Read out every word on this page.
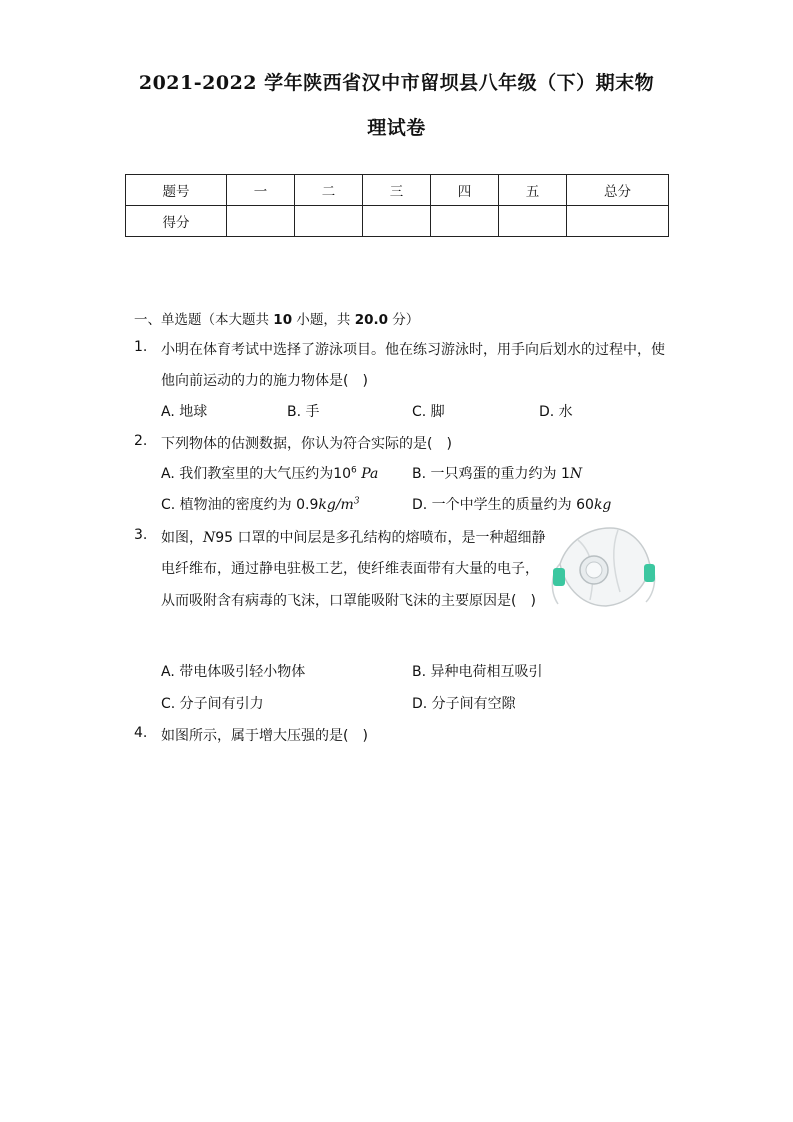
2021-2022 学年陕西省汉中市留坝县八年级（下）期末物
理试卷
题号	一	二	三	四	五	总分
得分						
一、单选题（本大题共 10 小题，共 20.0 分）
1. 小明在体育考试中选择了游泳项目。他在练习游泳时，用手向后划水的过程中，使
他向前运动的力的施力物体是(　)
A. 地球	B. 手	C. 脚	D. 水
2. 下列物体的估测数据，你认为符合实际的是(　)
A. 我们教室里的大气压约为$10^6$ Pa B. 一只鸡蛋的重力约为 1N
C. 植物油的密度约为 $0.9kg/m^3$	D. 一个中学生的质量约为 60kg
3. 如图，N95 口罩的中间层是多孔结构的熔喷布，是一种超细静
电纤维布，通过静电驻极工艺，使纤维表面带有大量的电子，
从而吸附含有病毒的飞沫，口罩能吸附飞沫的主要原因是(　)
A. 带电体吸引轻小物体	B. 异种电荷相互吸引
C. 分子间有引力	D. 分子间有空隙
4. 如图所示，属于增大压强的是(　)
